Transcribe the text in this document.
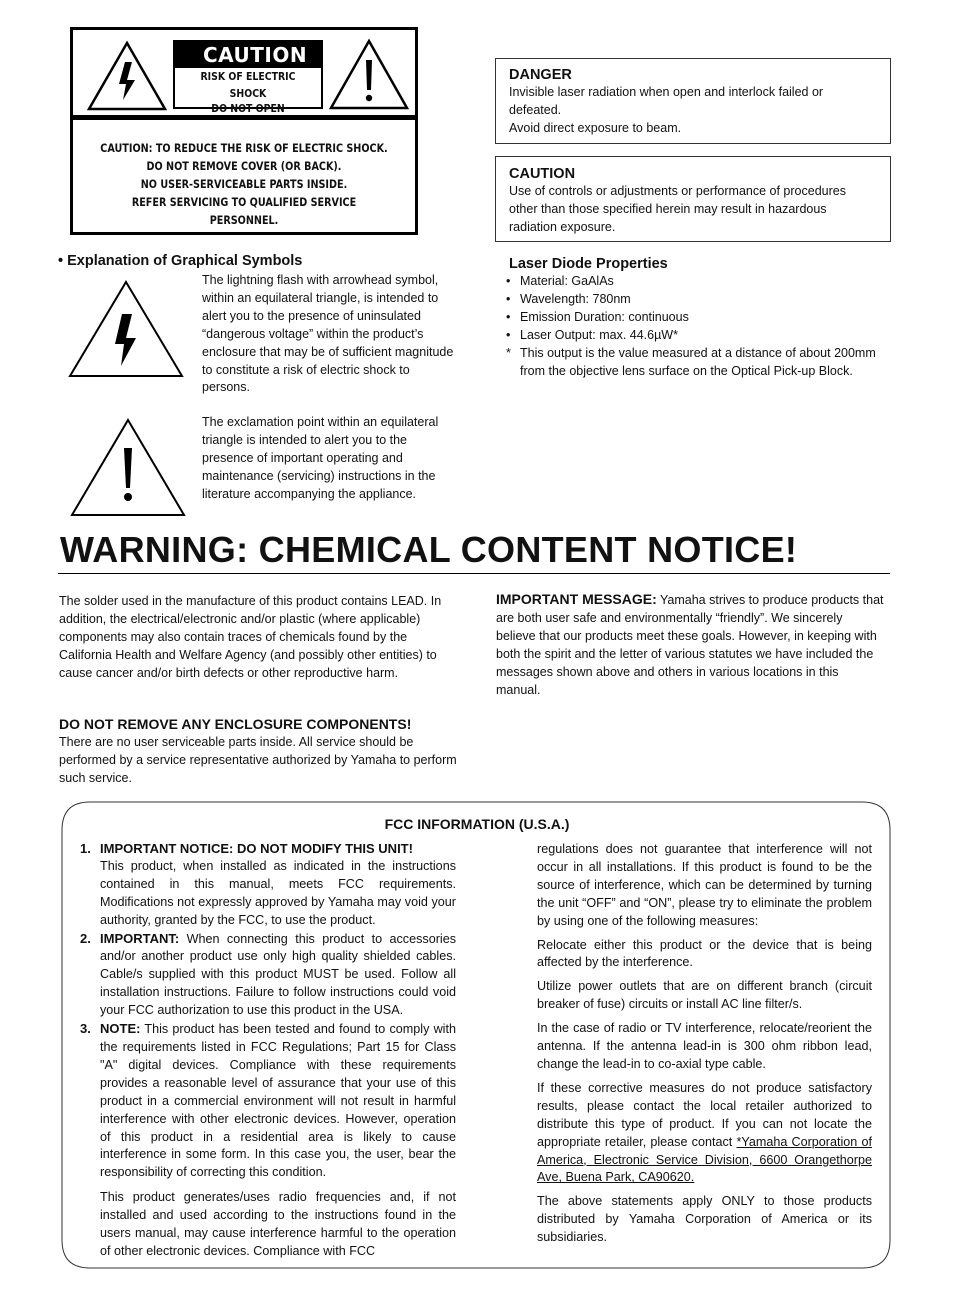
CAUTION
RISK OF ELECTRIC SHOCK
DO NOT OPEN
CAUTION: TO REDUCE THE RISK OF ELECTRIC SHOCK.
DO NOT REMOVE COVER (OR BACK).
NO USER-SERVICEABLE PARTS INSIDE.
REFER SERVICING TO QUALIFIED SERVICE PERSONNEL.

• Explanation of Graphical Symbols

The lightning flash with arrowhead symbol, within an equilateral triangle, is intended to alert you to the presence of uninsulated “dangerous voltage” within the product’s enclosure that may be of sufficient magnitude to constitute a risk of electric shock to persons.

The exclamation point within an equilateral triangle is intended to alert you to the presence of important operating and maintenance (servicing) instructions in the literature accompanying the appliance.

DANGER

Invisible laser radiation when open and interlock failed or
defeated.
Avoid direct exposure to beam.

CAUTION

Use of controls or adjustments or performance of procedures
other than those specified herein may result in hazardous
radiation exposure.

Laser Diode Properties

• Material: GaAlAs
• Wavelength: 780nm
• Emission Duration: continuous
• Laser Output: max. 44.6µW*
* This output is the value measured at a distance of about 200mm from the objective lens surface on the Optical Pick-up Block.

WARNING: CHEMICAL CONTENT NOTICE!

The solder used in the manufacture of this product contains LEAD. In addition, the electrical/electronic and/or plastic (where applicable) components may also contain traces of chemicals found by the California Health and Welfare Agency (and possibly other entities) to cause cancer and/or birth defects or other reproductive harm.

IMPORTANT MESSAGE: Yamaha strives to produce products that are both user safe and environmentally “friendly”. We sincerely believe that our products meet these goals. However, in keeping with both the spirit and the letter of various statutes we have included the messages shown above and others in various locations in this manual.

DO NOT REMOVE ANY ENCLOSURE COMPONENTS!

There are no user serviceable parts inside. All service should be performed by a service representative authorized by Yamaha to perform such service.

FCC INFORMATION (U.S.A.)

1. IMPORTANT NOTICE: DO NOT MODIFY THIS UNIT!

This product, when installed as indicated in the instructions contained in this manual, meets FCC requirements. Modifications not expressly approved by Yamaha may void your authority, granted by the FCC, to use the product.

2. IMPORTANT: When connecting this product to accessories and/or another product use only high quality shielded cables. Cable/s supplied with this product MUST be used. Follow all installation instructions. Failure to follow instructions could void your FCC authorization to use this product in the USA.

3. NOTE: This product has been tested and found to comply with the requirements listed in FCC Regulations; Part 15 for Class "A" digital devices. Compliance with these requirements provides a reasonable level of assurance that your use of this product in a commercial environment will not result in harmful interference with other electronic devices. However, operation of this product in a residential area is likely to cause interference in some form. In this case you, the user, bear the responsibility of correcting this condition.

This product generates/uses radio frequencies and, if not installed and used according to the instructions found in the users manual, may cause interference harmful to the operation of other electronic devices. Compliance with FCC

regulations does not guarantee that interference will not occur in all installations. If this product is found to be the source of interference, which can be determined by turning the unit “OFF” and “ON”, please try to eliminate the problem by using one of the following measures:

Relocate either this product or the device that is being affected by the interference.

Utilize power outlets that are on different branch (circuit breaker of fuse) circuits or install AC line filter/s.

In the case of radio or TV interference, relocate/reorient the antenna. If the antenna lead-in is 300 ohm ribbon lead, change the lead-in to co-axial type cable.

If these corrective measures do not produce satisfactory results, please contact the local retailer authorized to distribute this type of product. If you can not locate the appropriate retailer, please contact *Yamaha Corporation of America, Electronic Service Division, 6600 Orangethorpe Ave, Buena Park, CA90620.

The above statements apply ONLY to those products distributed by Yamaha Corporation of America or its subsidiaries.
